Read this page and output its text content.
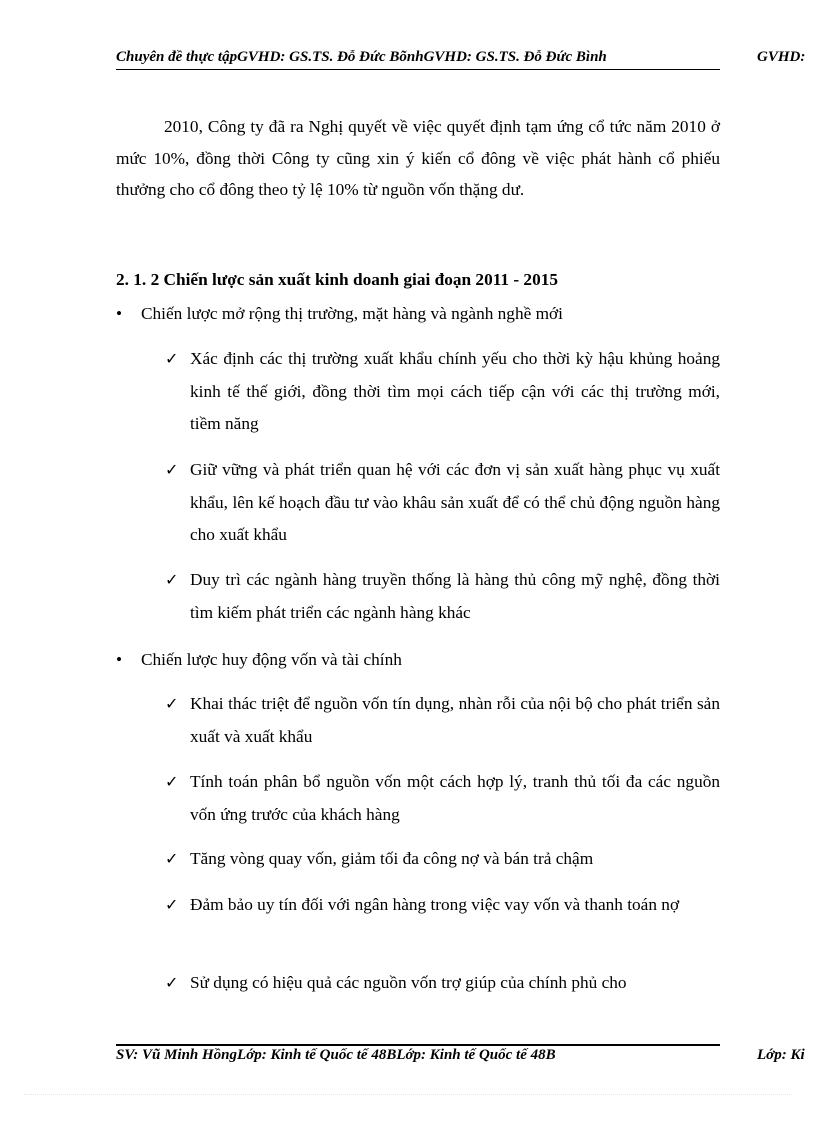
Chuyên đề thực tậpGVHD: GS.TS. Đỗ Đức BõnhGVHD: GS.TS. Đỗ Đức Bình	GVHD:
2010, Công ty đã ra Nghị quyết về việc quyết định tạm ứng cổ tức năm 2010 ở mức 10%, đồng thời Công ty cũng xin ý kiến cổ đông về việc phát hành cổ phiếu thưởng cho cổ đông theo tỷ lệ 10% từ nguồn vốn thặng dư.
2. 1. 2 Chiến lược sản xuất kinh doanh giai đoạn 2011 - 2015
• Chiến lược mở rộng thị trường, mặt hàng và ngành nghề mới
✓ Xác định các thị trường xuất khẩu chính yếu cho thời kỳ hậu khủng hoảng kinh tế thế giới, đồng thời tìm mọi cách tiếp cận với các thị trường mới, tiềm năng
✓ Giữ vững và phát triển quan hệ với các đơn vị sản xuất hàng phục vụ xuất khẩu, lên kế hoạch đầu tư vào khâu sản xuất để có thể chủ động nguồn hàng cho xuất khẩu
✓ Duy trì các ngành hàng truyền thống là hàng thủ công mỹ nghệ, đồng thời tìm kiếm phát triển các ngành hàng khác
• Chiến lược huy động vốn và tài chính
✓ Khai thác triệt để nguồn vốn tín dụng, nhàn rỗi của nội bộ cho phát triển sản xuất và xuất khẩu
✓ Tính toán phân bổ nguồn vốn một cách hợp lý, tranh thủ tối đa các nguồn vốn ứng trước của khách hàng
✓ Tăng vòng quay vốn, giảm tối đa công nợ và bán trả chậm
✓ Đảm bảo uy tín đối với ngân hàng trong việc vay vốn và thanh toán nợ
✓ Sử dụng có hiệu quả các nguồn vốn trợ giúp của chính phủ cho
SV: Vũ Minh HồngLớp: Kinh tế Quốc tế 48BLớp: Kinh tế Quốc tế 48B	Lớp: Ki
